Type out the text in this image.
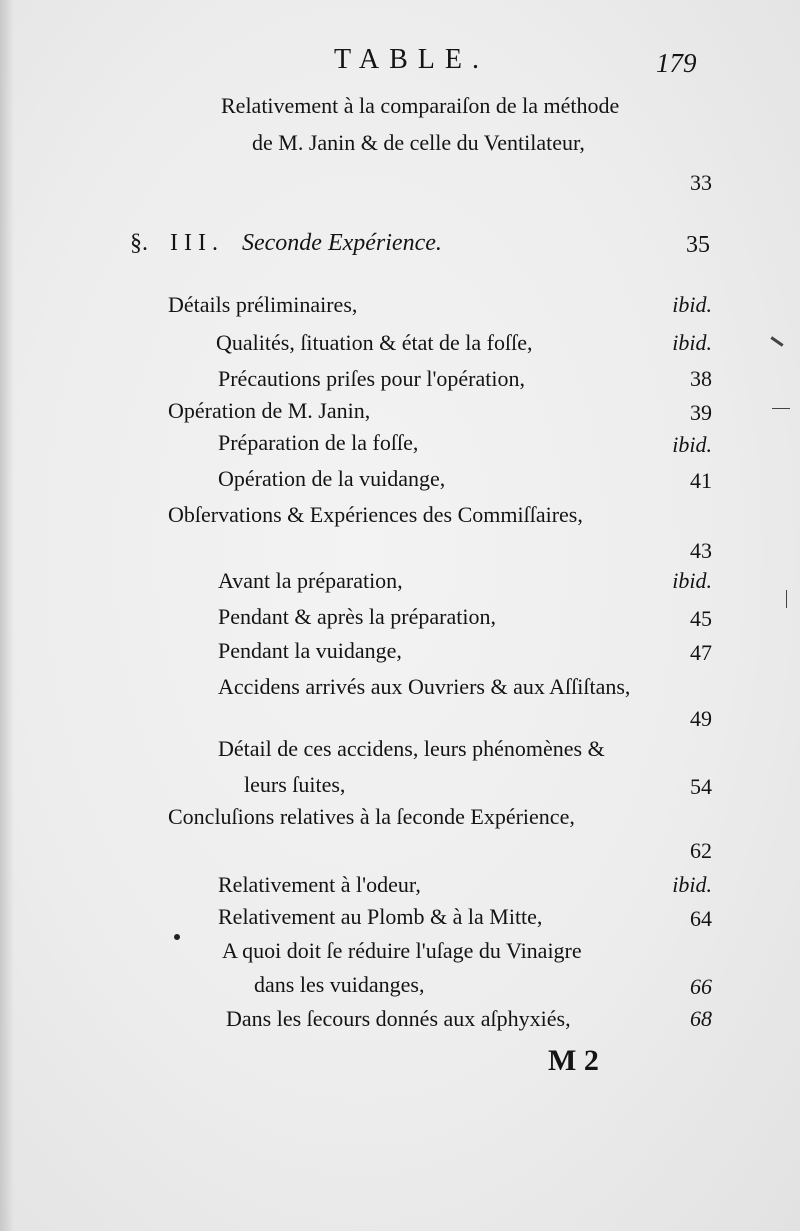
TABLE.	179
Relativement à la comparaiſon de la méthode
de M. Janin & de celle du Ventilateur,
33
§. III. Seconde Expérience.	35
Détails préliminaires,	ibid.
Qualités, ſituation & état de la foſſe,	ibid.
Précautions priſes pour l'opération,	38
Opération de M. Janin,	39
Préparation de la foſſe,	ibid.
Opération de la vuidange,	41
Obſervations & Expériences des Commiſſaires,
43
Avant la préparation,	ibid.
Pendant & après la préparation,	45
Pendant la vuidange,	47
Accidens arrivés aux Ouvriers & aux Aſſiſtans,
49
Détail de ces accidens, leurs phénomènes &
leurs ſuites,	54
Concluſions relatives à la ſeconde Expérience,
62
Relativement à l'odeur,	ibid.
Relativement au Plomb & à la Mitte,	64
A quoi doit ſe réduire l'uſage du Vinaigre
dans les vuidanges,	66
Dans les ſecours donnés aux aſphyxiés,	68
M 2
